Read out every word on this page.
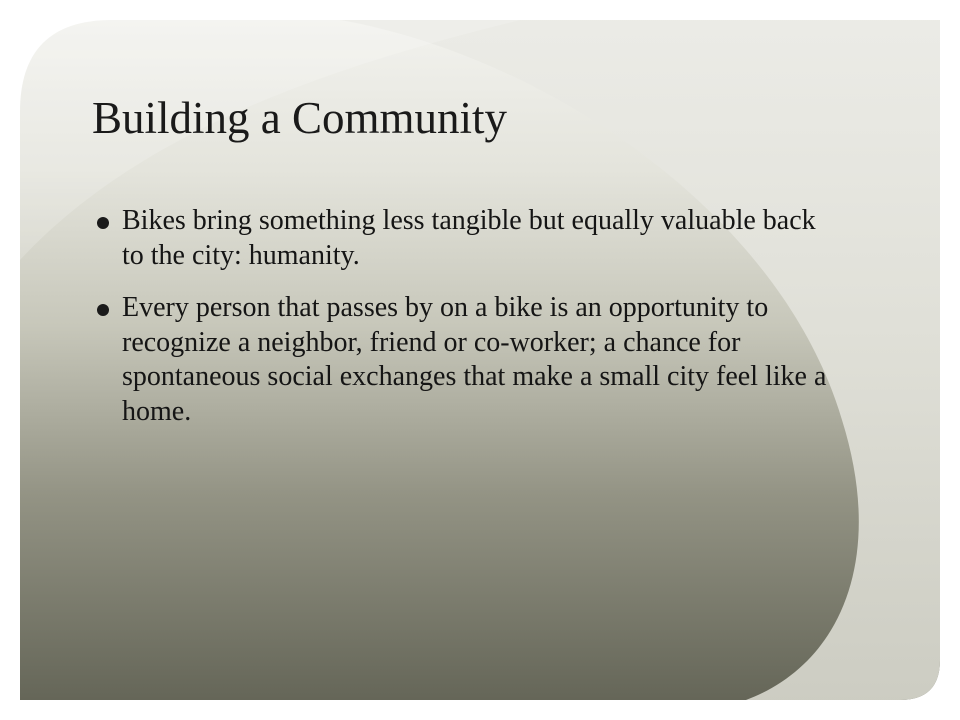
Building a Community
Bikes bring something less tangible but equally valuable back to the city: humanity.
Every person that passes by on a bike is an opportunity to recognize a neighbor, friend or co-worker; a chance for spontaneous social exchanges that make a small city feel like a home.
